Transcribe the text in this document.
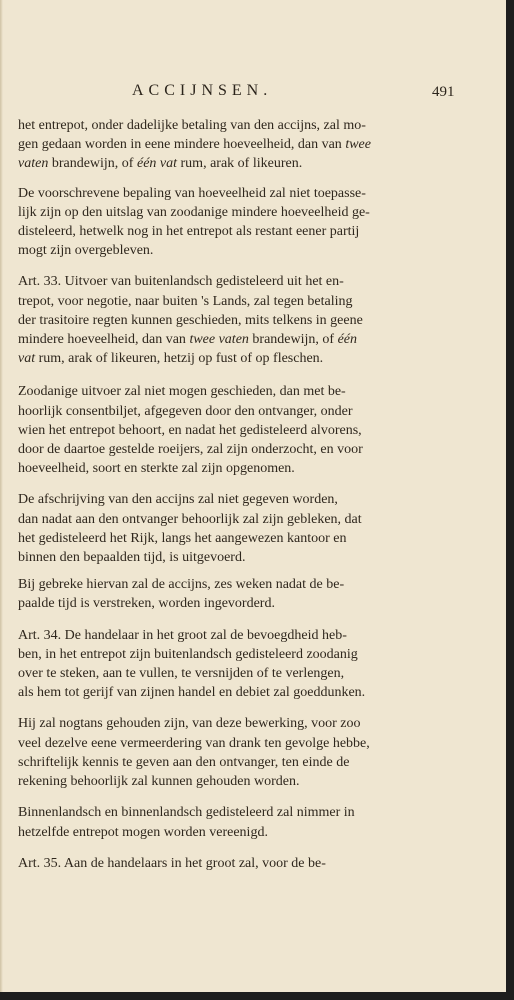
ACCIJNSEN.	491
het entrepot, onder dadelijke betaling van den accijns, zal mo-
gen gedaan worden in eene mindere hoeveelheid, dan van twee
vaten brandewijn, of één vat rum, arak of likeuren.
De voorschrevene bepaling van hoeveelheid zal niet toepasse-
lijk zijn op den uitslag van zoodanige mindere hoeveelheid ge-
disteleerd, hetwelk nog in het entrepot als restant eener partij
mogt zijn overgebleven.
Art. 33. Uitvoer van buitenlandsch gedisteleerd uit het en-
trepot, voor negotie, naar buiten 's Lands, zal tegen betaling
der trasitoire regten kunnen geschieden, mits telkens in geene
mindere hoeveelheid, dan van twee vaten brandewijn, of één
vat rum, arak of likeuren, hetzij op fust of op fleschen.
Zoodanige uitvoer zal niet mogen geschieden, dan met be-
hoorlijk consentbiljet, afgegeven door den ontvanger, onder
wien het entrepot behoort, en nadat het gedisteleerd alvorens,
door de daartoe gestelde roeijers, zal zijn onderzocht, en voor
hoeveelheid, soort en sterkte zal zijn opgenomen.
De afschrijving van den accijns zal niet gegeven worden,
dan nadat aan den ontvanger behoorlijk zal zijn gebleken, dat
het gedisteleerd het Rijk, langs het aangewezen kantoor en
binnen den bepaalden tijd, is uitgevoerd.
Bij gebreke hiervan zal de accijns, zes weken nadat de be-
paalde tijd is verstreken, worden ingevorderd.
Art. 34. De handelaar in het groot zal de bevoegdheid heb-
ben, in het entrepot zijn buitenlandsch gedisteleerd zoodanig
over te steken, aan te vullen, te versnijden of te verlengen,
als hem tot gerijf van zijnen handel en debiet zal goeddunken.
Hij zal nogtans gehouden zijn, van deze bewerking, voor zoo
veel dezelve eene vermeerdering van drank ten gevolge hebbe,
schriftelijk kennis te geven aan den ontvanger, ten einde de
rekening behoorlijk zal kunnen gehouden worden.
Binnenlandsch en binnenlandsch gedisteleerd zal nimmer in
hetzelfde entrepot mogen worden vereenigd.
Art. 35. Aan de handelaars in het groot zal, voor de be-
